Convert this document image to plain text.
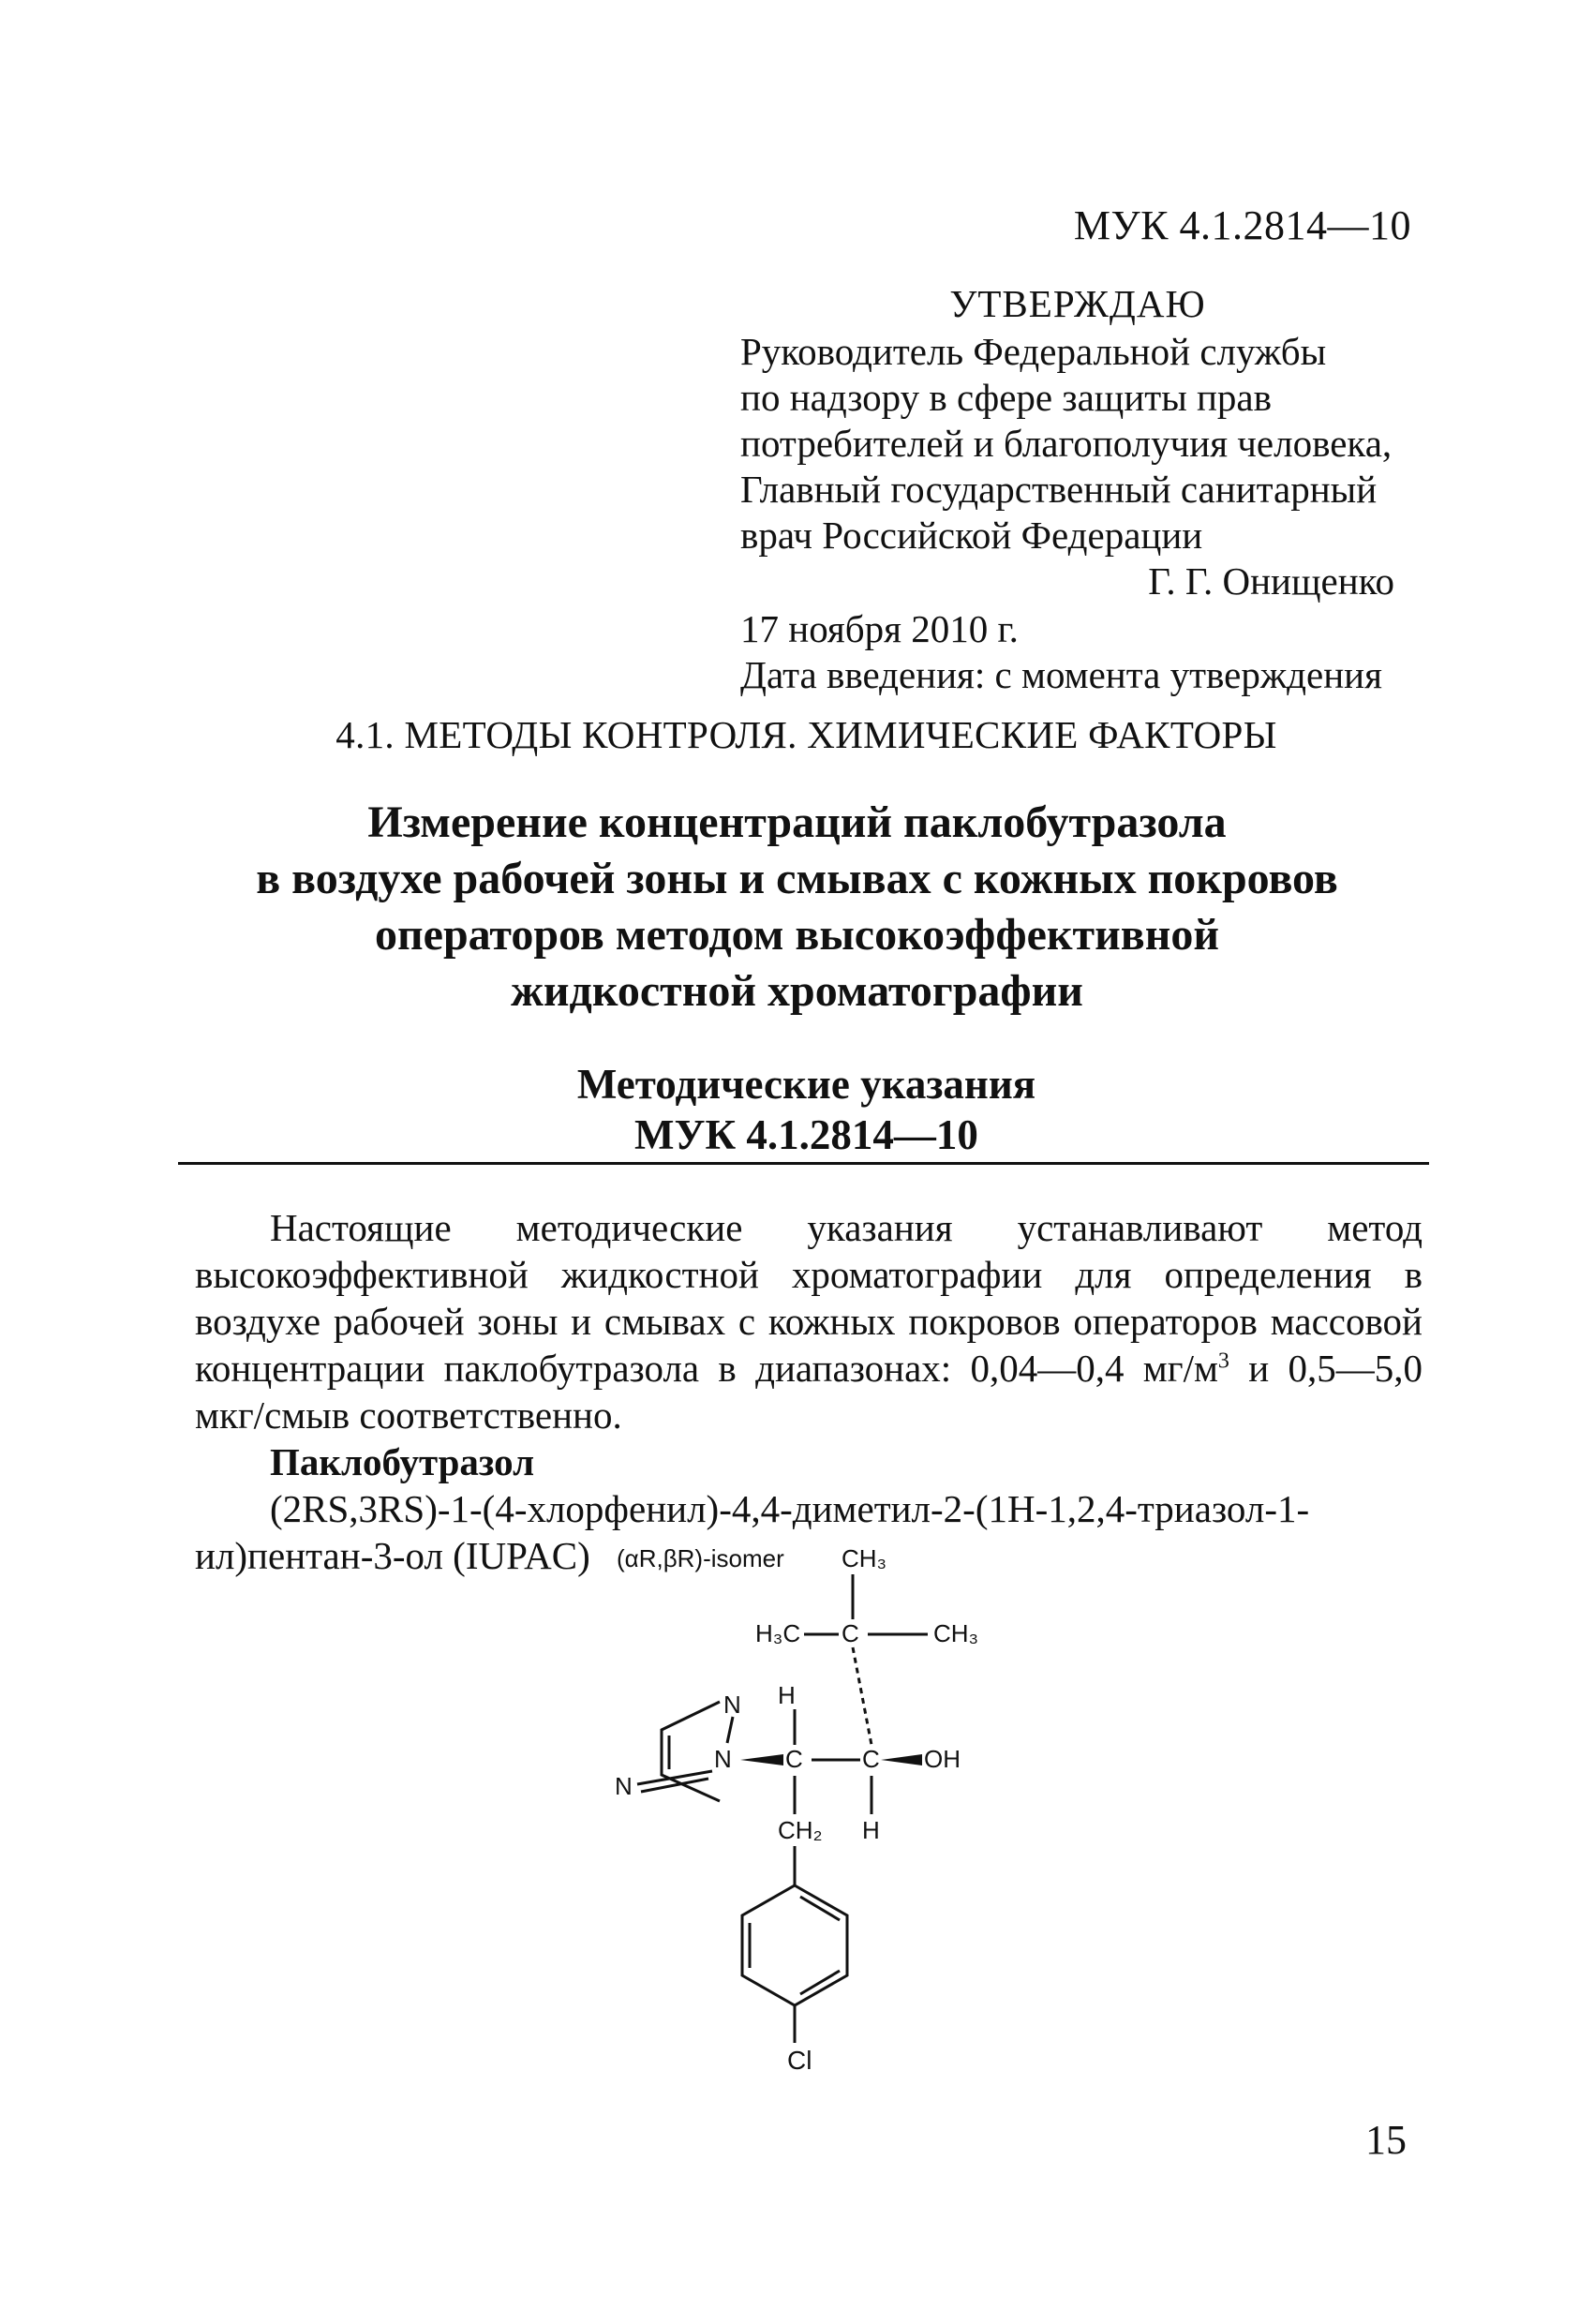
МУК 4.1.2814—10
УТВЕРЖДАЮ
Руководитель Федеральной службы
по надзору в сфере защиты прав
потребителей и благополучия человека,
Главный государственный санитарный
врач Российской Федерации
Г. Г. Онищенко
17 ноября 2010 г.
Дата введения: с момента утверждения
4.1. МЕТОДЫ КОНТРОЛЯ. ХИМИЧЕСКИЕ ФАКТОРЫ
Измерение концентраций паклобутразола
в воздухе рабочей зоны и смывах с кожных покровов
операторов методом высокоэффективной
жидкостной хроматографии
Методические указания
МУК 4.1.2814—10

Настоящие методические указания устанавливают метод высокоэффективной жидкостной хроматографии для определения в воздухе рабочей зоны и смывах с кожных покровов операторов массовой концентрации паклобутразола в диапазонах: 0,04—0,4 $мг/м^3$ и 0,5—5,0 мкг/смыв соответственно.

Паклобутразол

(2RS,3RS)-1-(4-хлорфенил)-4,4-диметил-2-(1H-1,2,4-триазол-1-ил)пентан-3-ол (IUPAC)	(αR,βR)-isomer CH₃
H₃C C	CH₃
H
N
N
N
C C OH
CH₂ H
Cl
15
